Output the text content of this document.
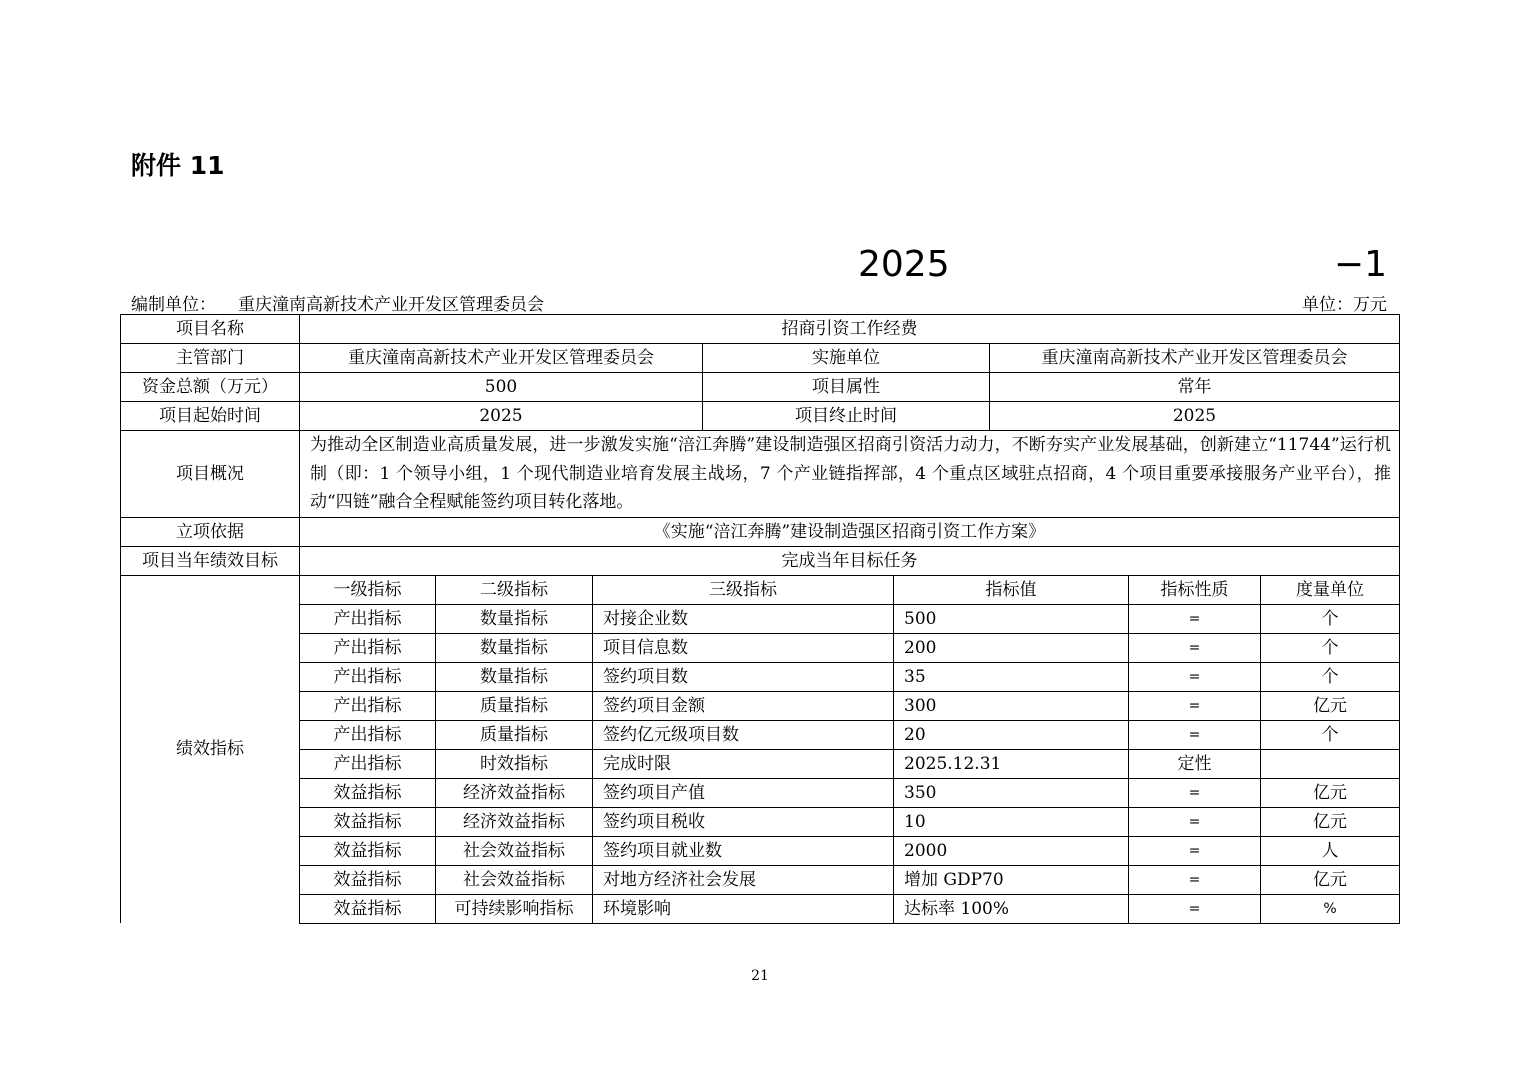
附件 11
2025	−1
编制单位： 重庆潼南高新技术产业开发区管理委员会	单位：万元
项目名称	招商引资工作经费							
主管部门	重庆潼南高新技术产业开发区管理委员会			实施单位		重庆潼南高新技术产业开发区管理委员会		
资金总额（万元）	500			项目属性		常年		
项目起始时间	2025			项目终止时间		2025		
项目概况	为推动全区制造业高质量发展，进一步激发实施“涪江奔腾”建设制造强区招商引资活力动力，不断夯实产业发展基础，创新建立“11744”运行机制（即：1 个领导小组，1 个现代制造业培育发展主战场，7 个产业链指挥部，4 个重点区域驻点招商，4 个项目重要承接服务产业平台），推动“四链”融合全程赋能签约项目转化落地。							
立项依据	《实施“涪江奔腾”建设制造强区招商引资工作方案》							
项目当年绩效目标	完成当年目标任务							
绩效指标	一级指标	二级指标	三级指标		指标值		指标性质	度量单位
	产出指标	数量指标	对接企业数		500		=	个
	产出指标	数量指标	项目信息数		200		=	个
	产出指标	数量指标	签约项目数		35		=	个
	产出指标	质量指标	签约项目金额		300		=	亿元
	产出指标	质量指标	签约亿元级项目数		20		=	个
	产出指标	时效指标	完成时限		2025.12.31		定性	
	效益指标	经济效益指标	签约项目产值		350		=	亿元
	效益指标	经济效益指标	签约项目税收		10		=	亿元
	效益指标	社会效益指标	签约项目就业数		2000		=	人
	效益指标	社会效益指标	对地方经济社会发展		增加 GDP70		=	亿元
	效益指标	可持续影响指标	环境影响		达标率 100%		=	%
21
